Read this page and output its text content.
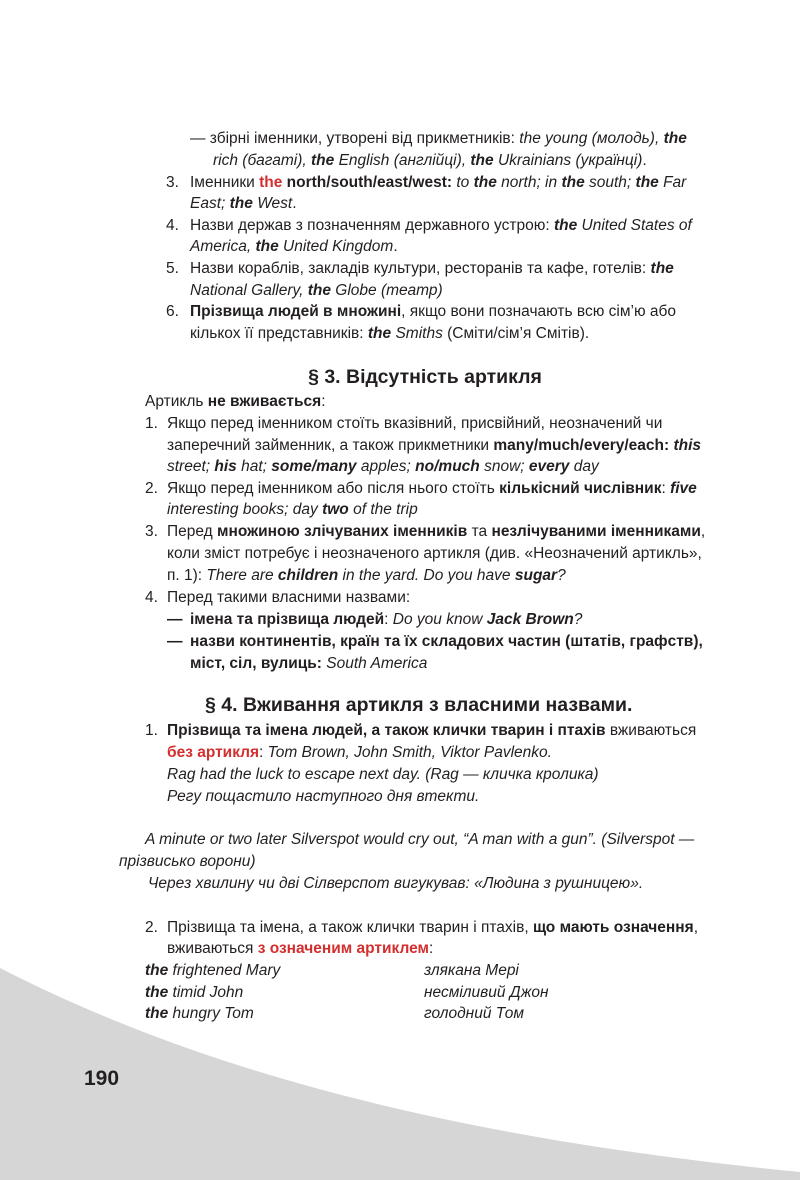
— збірні іменники, утворені від прикметників: the young (молодь), the
rich (багаті), the English (англійці), the Ukrainians (українці).
3. Іменники the north/south/east/west: to the north; in the south; the Far
East; the West.
4. Назви держав з позначенням державного устрою: the United States of
America, the United Kingdom.
5. Назви кораблів, закладів культури, ресторанів та кафе, готелів: the
National Gallery, the Globe (театр)
6. Прізвища людей в множині, якщо вони позначають всю сім’ю або
кількох її представників: the Smiths (Сміти/сім’я Смітів).
§ 3. Відсутність артикля
Артикль не вживається:
1. Якщо перед іменником стоїть вказівний, присвійний, неозначений чи
заперечний займенник, а також прикметники many/much/every/each: this
street; his hat; some/many apples; no/much snow; every day
2. Якщо перед іменником або після нього стоїть кількісний числівник: five
interesting books; day two of the trip
3. Перед множиною злічуваних іменників та незлічуваними іменниками,
коли зміст потребує і неозначеного артикля (див. «Неозначений артикль»,
п. 1): There are children in the yard. Do you have sugar?
4. Перед такими власними назвами:
— імена та прізвища людей: Do you know Jack Brown?
— назви континентів, країн та їх складових частин (штатів, графств),
міст, сіл, вулиць: South America
§ 4. Вживання артикля з власними назвами.
1. Прізвища та імена людей, а також клички тварин і птахів вживаються
без артикля: Tom Brown, John Smith, Viktor Pavlenko.
Rag had the luck to escape next day. (Rag — кличка кролика)
Регу пощастило наступного дня втекти.
A minute or two later Silverspot would cry out, “A man with a gun”. (Silverspot —
прізвисько ворони)
Через хвилину чи дві Сілверспот вигукував: «Людина з рушницею».
2. Прізвища та імена, а також клички тварин і птахів, що мають означення,
вживаються з означеним артиклем:
the frightened Mary	злякана Мері
the timid John	несміливий Джон
the hungry Tom	голодний Том
190
